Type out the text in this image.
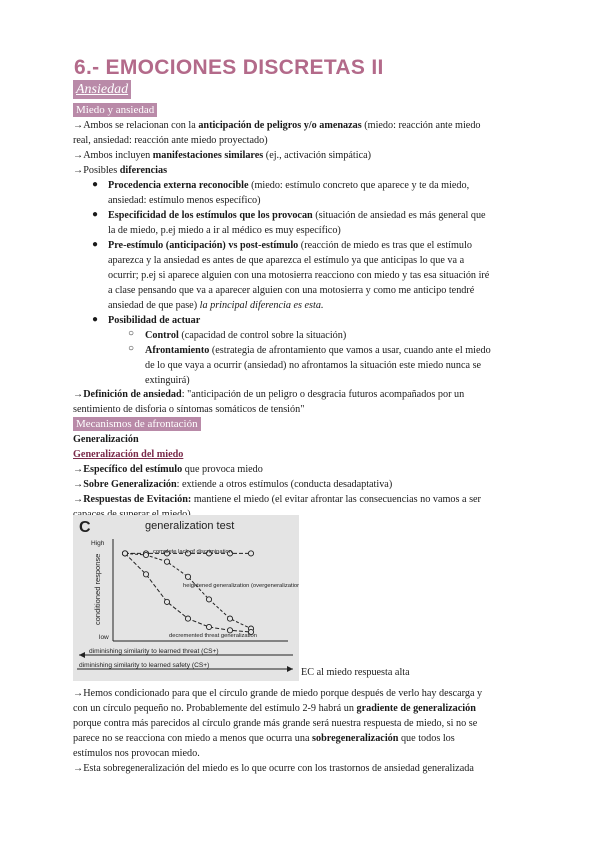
6.- EMOCIONES DISCRETAS II
Ansiedad
Miedo y ansiedad
→Ambos se relacionan con la anticipación de peligros y/o amenazas (miedo: reacción ante miedo
real, ansiedad: reacción ante miedo proyectado)
→Ambos incluyen manifestaciones similares (ej., activación simpática)
→Posibles diferencias
● Procedencia externa reconocible (miedo: estímulo concreto que aparece y te da miedo,
ansiedad: estímulo menos específico)
● Especificidad de los estímulos que los provocan (situación de ansiedad es más general que
la de miedo, p.ej miedo a ir al médico es muy específico)
● Pre-estímulo (anticipación) vs post-estímulo (reacción de miedo es tras que el estímulo
aparezca y la ansiedad es antes de que aparezca el estímulo ya que anticipas lo que va a
ocurrir; p.ej si aparece alguien con una motosierra reacciono con miedo y tas esa situación iré
a clase pensando que va a aparecer alguien con una motosierra y como me anticipo tendré
ansiedad de que pase) la principal diferencia es esta.
● Posibilidad de actuar
○ Control (capacidad de control sobre la situación)
○ Afrontamiento (estrategia de afrontamiento que vamos a usar, cuando ante el miedo
de lo que vaya a ocurrir (ansiedad) no afrontamos la situación este miedo nunca se
extinguirá)
→Definición de ansiedad: "anticipación de un peligro o desgracia futuros acompañados por un
sentimiento de disforia o síntomas somáticos de tensión"
Mecanismos de afrontación
Generalización
Generalización del miedo
→Específico del estímulo que provoca miedo
→Sobre Generalización: extiende a otros estímulos (conducta desadaptativa)
→Respuestas de Evitación: mantiene el miedo (el evitar afrontar las consecuencias no vamos a ser
C	generalization test
High
low
conditioned response
complete lack of discrimination
heightened generalization (overgeneralization)
decremented threat generalization
diminishing similarity to learned threat (CS+)
diminishing similarity to learned safety (CS+)
EC al miedo respuesta alta
→Hemos condicionado para que el círculo grande de miedo porque después de verlo hay descarga y
con un círculo pequeño no. Probablemente del estímulo 2-9 habrá un gradiente de generalización
porque contra más parecidos al círculo grande más grande será nuestra respuesta de miedo, si no se
parece no se reacciona con miedo a menos que ocurra una sobregeneralización que todos los
estímulos nos provocan miedo.
→Esta sobregeneralización del miedo es lo que ocurre con los trastornos de ansiedad generalizada
